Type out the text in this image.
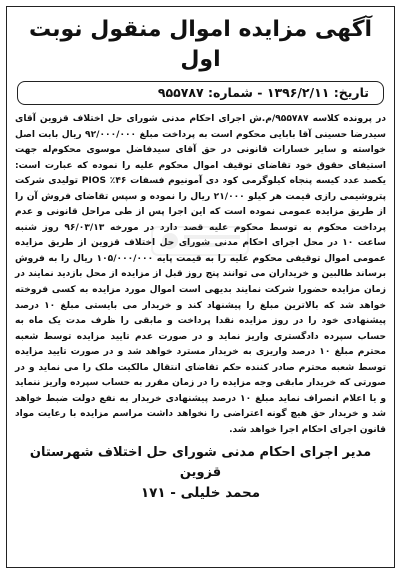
آگهی مزایده اموال منقول نوبت اول
تاریخ: ۱۳۹۶/۲/۱۱ - شماره: ۹۵۵۷۸۷
در پرونده کلاسه ۹۵۵۷۸۷/م.ش اجرای احکام مدنی شورای حل اختلاف قزوین آقای سیدرضا حسینی آقا بابایی محکوم است به پرداخت مبلغ ۹۲/۰۰۰/۰۰۰ ریال بابت اصل خواسته و سایر خسارات قانونی در حق آقای سیدفاضل موسوی محکوم‌له جهت استیفای حقوق خود تقاضای توقیف اموال محکوم علیه را نموده که عبارت است: یکصد عدد کیسه پنجاه کیلوگرمی کود دی آمونیوم فسفات ۴۶٪ PIOS تولیدی شرکت پتروشیمی رازی قیمت هر کیلو ۲۱/۰۰۰ ریال را نموده و سپس تقاضای فروش آن را از طریق مزایده عمومی نموده است که این اجرا پس از طی مراحل قانونی و عدم پرداخت محکوم به توسط محکوم علیه قصد دارد در مورخه ۹۶/۰۳/۱۳ روز شنبه ساعت ۱۰ در محل اجرای احکام مدنی شورای حل اختلاف قزوین از طریق مزایده عمومی اموال توقیفی محکوم علیه را به قیمت پایه ۱۰۵/۰۰۰/۰۰۰ ریال را به فروش برساند طالبین و خریداران می توانند پنج روز قبل از مزایده از محل بازدید نمایند در زمان مزایده حضورا شرکت نمایند بدیهی است اموال مورد مزایده به کسی فروخته خواهد شد که بالاترین مبلغ را پیشنهاد کند و خریدار می بایستی مبلغ ۱۰ درصد پیشنهادی خود را در روز مزایده نقدا پرداخت و مابقی را ظرف مدت یک ماه به حساب سپرده دادگستری واریز نماید و در صورت عدم تایید مزایده توسط شعبه محترم مبلغ ۱۰ درصد واریزی به خریدار مسترد خواهد شد و در صورت تایید مزایده توسط شعبه محترم صادر کننده حکم تقاضای انتقال مالکیت ملک را می نماید و در صورتی که خریدار مابقی وجه مزایده را در زمان مقرر به حساب سپرده واریز ننماید و یا اعلام انصراف نماید مبلغ ۱۰ درصد پیشنهادی خریدار به نفع دولت ضبط خواهد شد و خریدار حق هیچ گونه اعتراضی را نخواهد داشت مراسم مزایده با رعایت مواد قانون اجرای احکام اجرا خواهد شد.
مدیر اجرای احکام مدنی شورای حل اختلاف شهرستان قزوین
محمد خلیلی - ۱۷۱
